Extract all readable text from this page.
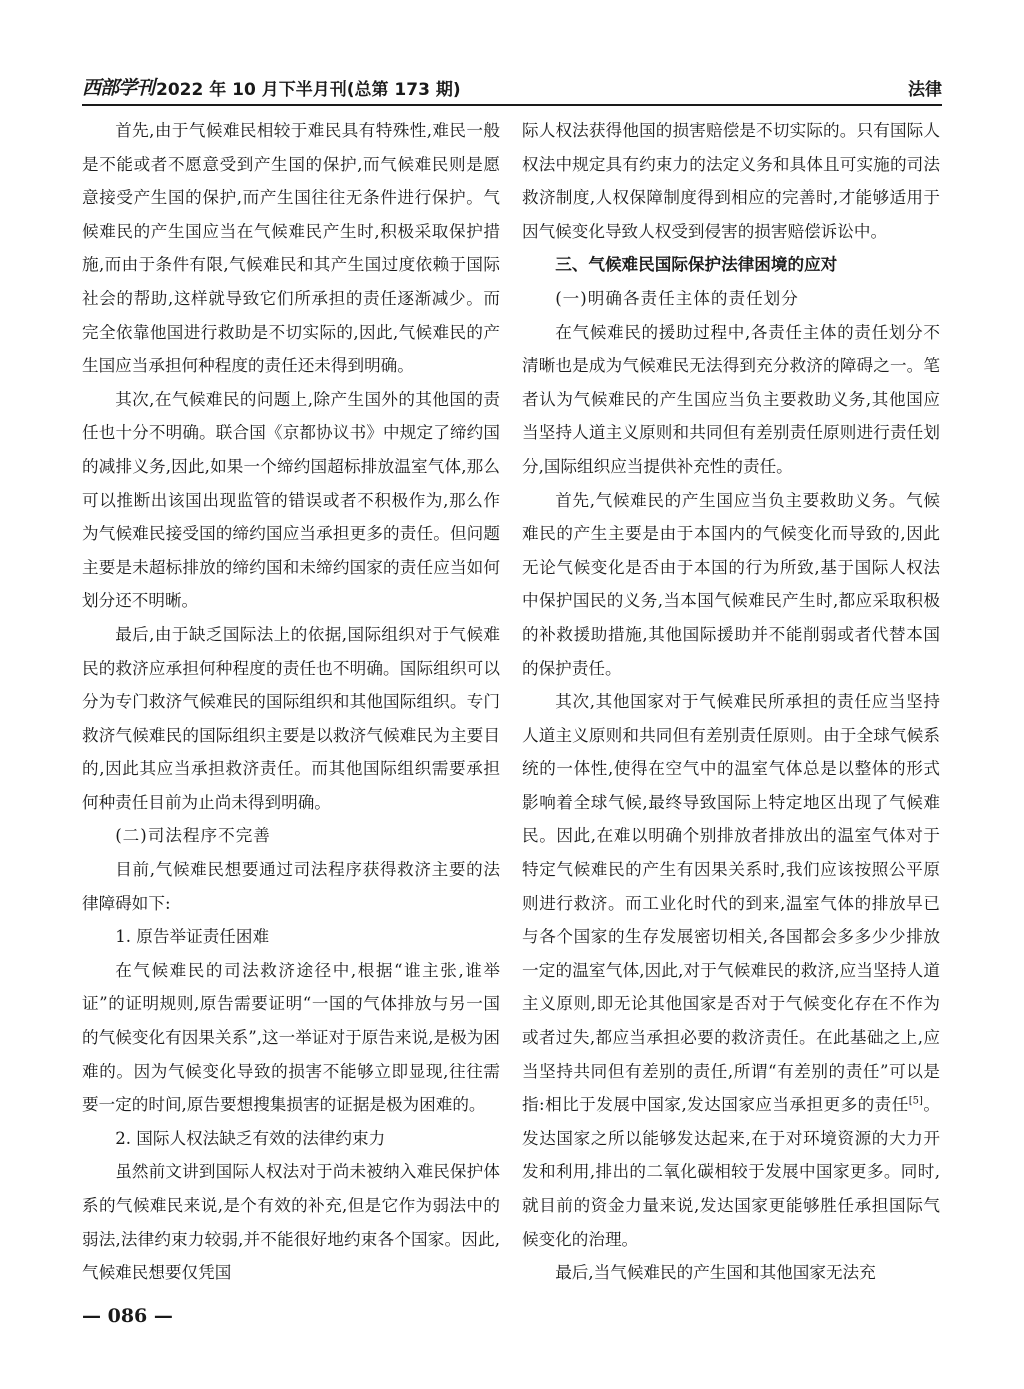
西部学刊 2022 年 10 月下半月刊(总第 173 期)	法律

首先,由于气候难民相较于难民具有特殊性,难民一般是不能或者不愿意受到产生国的保护,而气候难民则是愿意接受产生国的保护,而产生国往往无条件进行保护。气候难民的产生国应当在气候难民产生时,积极采取保护措施,而由于条件有限,气候难民和其产生国过度依赖于国际社会的帮助,这样就导致它们所承担的责任逐渐减少。而完全依靠他国进行救助是不切实际的,因此,气候难民的产生国应当承担何种程度的责任还未得到明确。

其次,在气候难民的问题上,除产生国外的其他国的责任也十分不明确。联合国《京都协议书》中规定了缔约国的减排义务,因此,如果一个缔约国超标排放温室气体,那么可以推断出该国出现监管的错误或者不积极作为,那么作为气候难民接受国的缔约国应当承担更多的责任。但问题主要是未超标排放的缔约国和未缔约国家的责任应当如何划分还不明晰。

最后,由于缺乏国际法上的依据,国际组织对于气候难民的救济应承担何种程度的责任也不明确。国际组织可以分为专门救济气候难民的国际组织和其他国际组织。专门救济气候难民的国际组织主要是以救济气候难民为主要目的,因此其应当承担救济责任。而其他国际组织需要承担何种责任目前为止尚未得到明确。

(二)司法程序不完善

目前,气候难民想要通过司法程序获得救济主要的法律障碍如下:

1. 原告举证责任困难

在气候难民的司法救济途径中,根据“谁主张,谁举证”的证明规则,原告需要证明“一国的气体排放与另一国的气候变化有因果关系”,这一举证对于原告来说,是极为困难的。因为气候变化导致的损害不能够立即显现,往往需要一定的时间,原告要想搜集损害的证据是极为困难的。

2. 国际人权法缺乏有效的法律约束力

虽然前文讲到国际人权法对于尚未被纳入难民保护体系的气候难民来说,是个有效的补充,但是它作为弱法中的弱法,法律约束力较弱,并不能很好地约束各个国家。因此,气候难民想要仅凭国

际人权法获得他国的损害赔偿是不切实际的。只有国际人权法中规定具有约束力的法定义务和具体且可实施的司法救济制度,人权保障制度得到相应的完善时,才能够适用于因气候变化导致人权受到侵害的损害赔偿诉讼中。

三、气候难民国际保护法律困境的应对

(一)明确各责任主体的责任划分

在气候难民的援助过程中,各责任主体的责任划分不清晰也是成为气候难民无法得到充分救济的障碍之一。笔者认为气候难民的产生国应当负主要救助义务,其他国应当坚持人道主义原则和共同但有差别责任原则进行责任划分,国际组织应当提供补充性的责任。

首先,气候难民的产生国应当负主要救助义务。气候难民的产生主要是由于本国内的气候变化而导致的,因此无论气候变化是否由于本国的行为所致,基于国际人权法中保护国民的义务,当本国气候难民产生时,都应采取积极的补救援助措施,其他国际援助并不能削弱或者代替本国的保护责任。

其次,其他国家对于气候难民所承担的责任应当坚持人道主义原则和共同但有差别责任原则。由于全球气候系统的一体性,使得在空气中的温室气体总是以整体的形式影响着全球气候,最终导致国际上特定地区出现了气候难民。因此,在难以明确个别排放者排放出的温室气体对于特定气候难民的产生有因果关系时,我们应该按照公平原则进行救济。而工业化时代的到来,温室气体的排放早已与各个国家的生存发展密切相关,各国都会多多少少排放一定的温室气体,因此,对于气候难民的救济,应当坚持人道主义原则,即无论其他国家是否对于气候变化存在不作为或者过失,都应当承担必要的救济责任。在此基础之上,应当坚持共同但有差别的责任,所谓“有差别的责任”可以是指:相比于发展中国家,发达国家应当承担更多的责任[5]。发达国家之所以能够发达起来,在于对环境资源的大力开发和利用,排出的二氧化碳相较于发展中国家更多。同时,就目前的资金力量来说,发达国家更能够胜任承担国际气候变化的治理。

最后,当气候难民的产生国和其他国家无法充

— 086 —
